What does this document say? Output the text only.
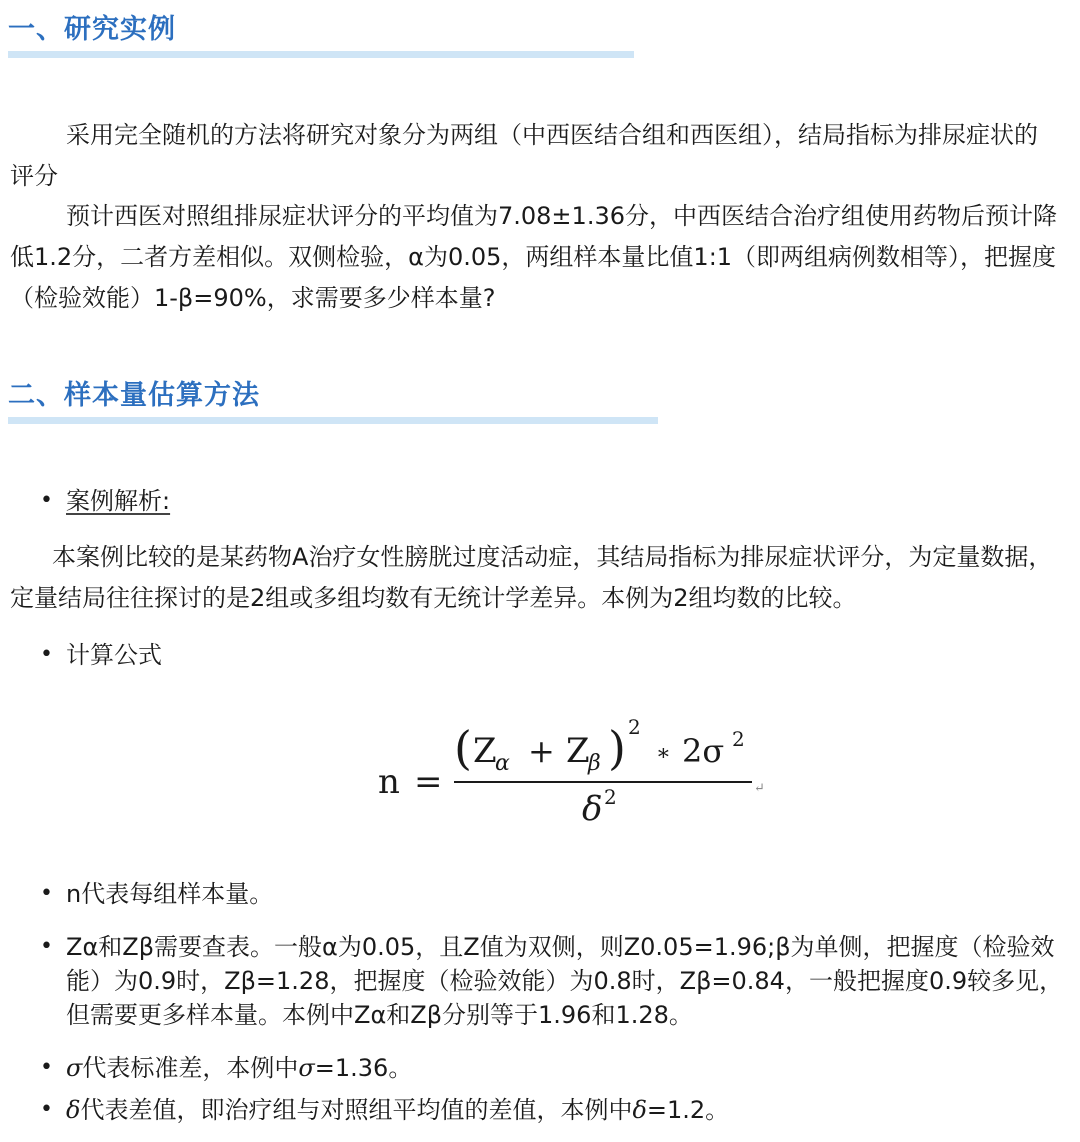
一、研究实例

采用完全随机的方法将研究对象分为两组（中西医结合组和西医组），结局指标为排尿症状的评分

预计西医对照组排尿症状评分的平均值为7.08±1.36分，中西医结合治疗组使用药物后预计降低1.2分，二者方差相似。双侧检验，α为0.05，两组样本量比值1:1（即两组病例数相等），把握度（检验效能）1-β=90%，求需要多少样本量?

二、样本量估算方法
• 案例解析:

本案例比较的是某药物A治疗女性膀胱过度活动症，其结局指标为排尿症状评分，为定量数据，定量结局往往探讨的是2组或多组均数有无统计学差异。本例为2组均数的比较。

• 计算公式
n =
( Z
α + Z
β ) 2
∗ 2σ 2
δ 2	↵
• n代表每组样本量。
• Zα和Zβ需要查表。一般α为0.05，且Z值为双侧，则Z0.05=1.96;β为单侧，把握度（检验效能）为0.9时，Zβ=1.28，把握度（检验效能）为0.8时，Zβ=0.84，一般把握度0.9较多见，但需要更多样本量。本例中Zα和Zβ分别等于1.96和1.28。
• σ代表标准差，本例中σ=1.36。
• δ代表差值，即治疗组与对照组平均值的差值，本例中δ=1.2。
